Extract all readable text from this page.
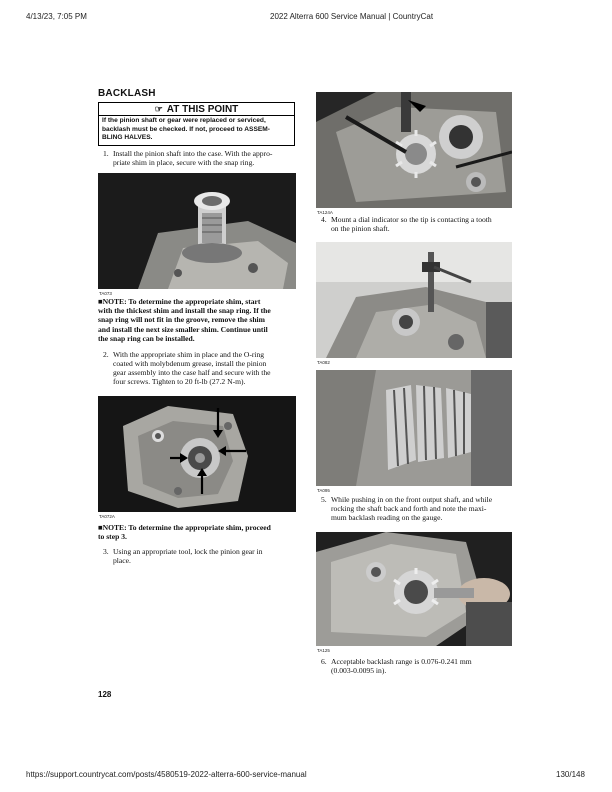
4/13/23, 7:05 PM	2022 Alterra 600 Service Manual | CountryCat
BACKLASH
☞ AT THIS POINT
If the pinion shaft or gear were replaced or serviced,
backlash must be checked. If not, proceed to ASSEM-
BLING HALVES.
1. Install the pinion shaft into the case. With the appro-
priate shim in place, secure with the snap ring.
TA073
■NOTE: To determine the appropriate shim, start
with the thickest shim and install the snap ring. If the
snap ring will not fit in the groove, remove the shim
and install the next size smaller shim. Continue until
the snap ring can be installed.
2. With the appropriate shim in place and the O-ring
coated with molybdenum grease, install the pinion
gear assembly into the case half and secure with the
four screws. Tighten to 20 ft-lb (27.2 N-m).
TA072A
■NOTE: To determine the appropriate shim, proceed
to step 3.
3. Using an appropriate tool, lock the pinion gear in
place.
TA124A
4. Mount a dial indicator so the tip is contacting a tooth
on the pinion shaft.
TA082
TA095
5. While pushing in on the front output shaft, and while
rocking the shaft back and forth and note the maxi-
mum backlash reading on the gauge.
TA125
6. Acceptable backlash range is 0.076-0.241 mm
(0.003-0.0095 in).
128
https://support.countrycat.com/posts/4580519-2022-alterra-600-service-manual	130/148
